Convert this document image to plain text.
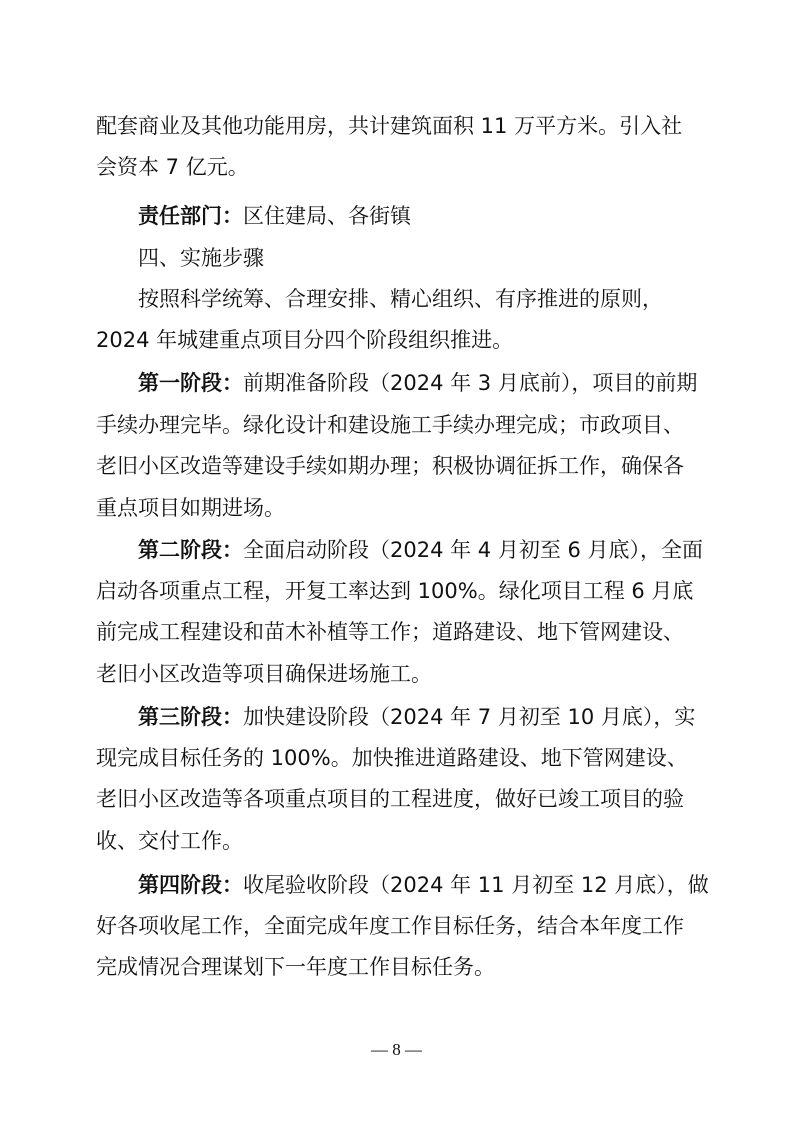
配套商业及其他功能用房，共计建筑面积 11 万平方米。引入社

会资本 7 亿元。

责任部门：区住建局、各街镇

四、实施步骤

按照科学统筹、合理安排、精心组织、有序推进的原则，

2024 年城建重点项目分四个阶段组织推进。

第一阶段：前期准备阶段（2024 年 3 月底前），项目的前期

手续办理完毕。绿化设计和建设施工手续办理完成；市政项目、

老旧小区改造等建设手续如期办理；积极协调征拆工作，确保各

重点项目如期进场。

第二阶段：全面启动阶段（2024 年 4 月初至 6 月底），全面

启动各项重点工程，开复工率达到 100%。绿化项目工程 6 月底

前完成工程建设和苗木补植等工作；道路建设、地下管网建设、

老旧小区改造等项目确保进场施工。

第三阶段：加快建设阶段（2024 年 7 月初至 10 月底），实

现完成目标任务的 100%。加快推进道路建设、地下管网建设、

老旧小区改造等各项重点项目的工程进度，做好已竣工项目的验

收、交付工作。

第四阶段：收尾验收阶段（2024 年 11 月初至 12 月底），做

好各项收尾工作，全面完成年度工作目标任务，结合本年度工作

完成情况合理谋划下一年度工作目标任务。

— 8 —
